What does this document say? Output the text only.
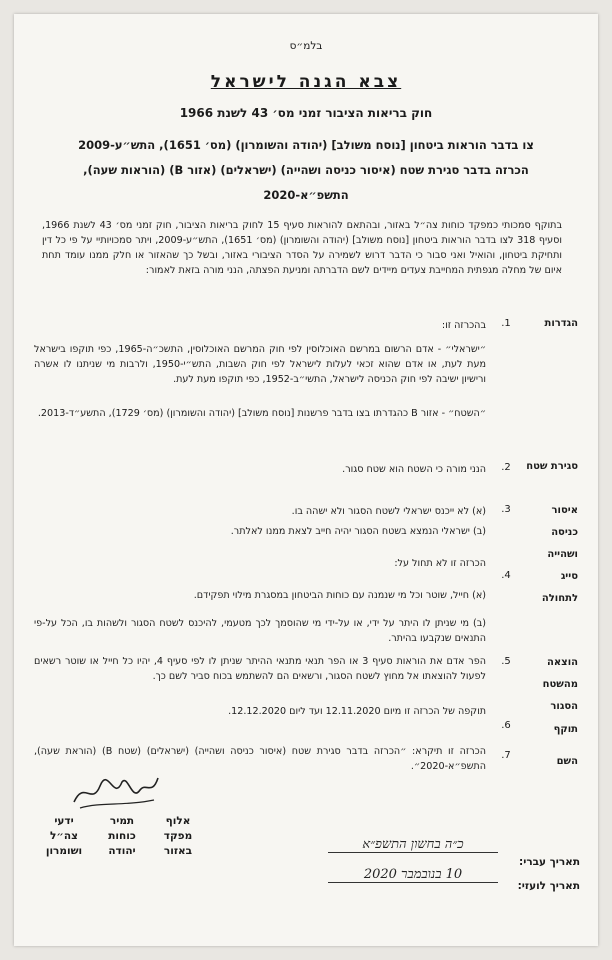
בלמ״ס
צבא הגנה לישראל
חוק בריאות הציבור זמני מס׳ 43 לשנת 1966
צו בדבר הוראות ביטחון [נוסח משולב] (יהודה והשומרון) (מס׳ 1651), התש״ע-2009
הכרזה בדבר סגירת שטח (איסור כניסה ושהייה) (ישראלים) (אזור B) (הוראות שעה),
התשפ״א-2020
בתוקף סמכותי כמפקד כוחות צה״ל באזור, ובהתאם להוראות סעיף 15 לחוק בריאות הציבור, חוק זמני מס׳ 43 לשנת 1966, וסעיף 318 לצו בדבר הוראות ביטחון [נוסח משולב] (יהודה והשומרון) (מס׳ 1651), התש״ע-2009, ויתר סמכויותיי על פי כל דין ותחיקת ביטחון, והואיל ואני סבור כי הדבר דרוש לשמירה על הסדר הציבורי באזור, ובשל כך שהאזור או חלק ממנו עומד תחת איום של מחלה מגפתית המחייבת צעדים מיידים לשם הדברתה ומניעת הפצתה, הנני מורה בזאת לאמור:
הגדרות
1.
בהכרזה זו:
״ישראלי״ - אדם הרשום במרשם האוכלוסין לפי חוק המרשם האוכלוסין, התשכ״ה-1965, כפי תוקפו בישראל מעת לעת, או אדם שהוא זכאי לעלות לישראל לפי חוק השבות, התש״י-1950, ולרבות מי שניתנו לו אשרה ורישיון ישיבה לפי חוק הכניסה לישראל, התשי״ב-1952, כפי תוקפו מעת לעת.
״השטח״ - אזור B כהגדרתו בצו בדבר פרשנות [נוסח משולב] (יהודה והשומרון) (מס׳ 1729), התשע״ד-2013.
סגירת שטח
2.
הנני מורה כי השטח הוא שטח סגור.
איסור כניסה ושהייה
3.
(א) לא ייכנס ישראלי לשטח הסגור ולא ישהה בו.
(ב) ישראלי הנמצא בשטח הסגור יהיה חייב לצאת ממנו לאלתר.
סייג לתחולה
4.
הכרזה זו לא תחול על:
(א) חייל, שוטר וכל מי שנמנה עם כוחות הביטחון במסגרת מילוי תפקידם.
(ב) מי שניתן לו היתר על ידי, או על-ידי מי שהוסמך לכך מטעמי, להיכנס לשטח הסגור ולשהות בו, הכל על-פי התנאים שנקבעו בהיתר.
הוצאה מהשטח הסגור
5.
הפר אדם את הוראות סעיף 3 או הפר תנאי מתנאי ההיתר שניתן לו לפי סעיף 4, יהיו כל חייל או שוטר רשאים לפעול להוצאתו אל מחוץ לשטח הסגור, ורשאים הם להשתמש בכוח סביר לשם כך.
תוקף
6.
תוקפה של הכרזה זו מיום 12.11.2020 ועד ליום 12.12.2020.
השם
7.
הכרזה זו תיקרא: ״הכרזה בדבר סגירת שטח (איסור כניסה ושהייה) (ישראלים) (שטח B) (הוראת שעה), התשפ״א-2020״.
אלוף
מפקד
באזור
תמיר
כוחות
יהודה
ידעי
צה״ל
ושומרון
תאריך עברי:
כ״ה בחשון התשפ״א
תאריך לועזי:
10 בנובמבר 2020
